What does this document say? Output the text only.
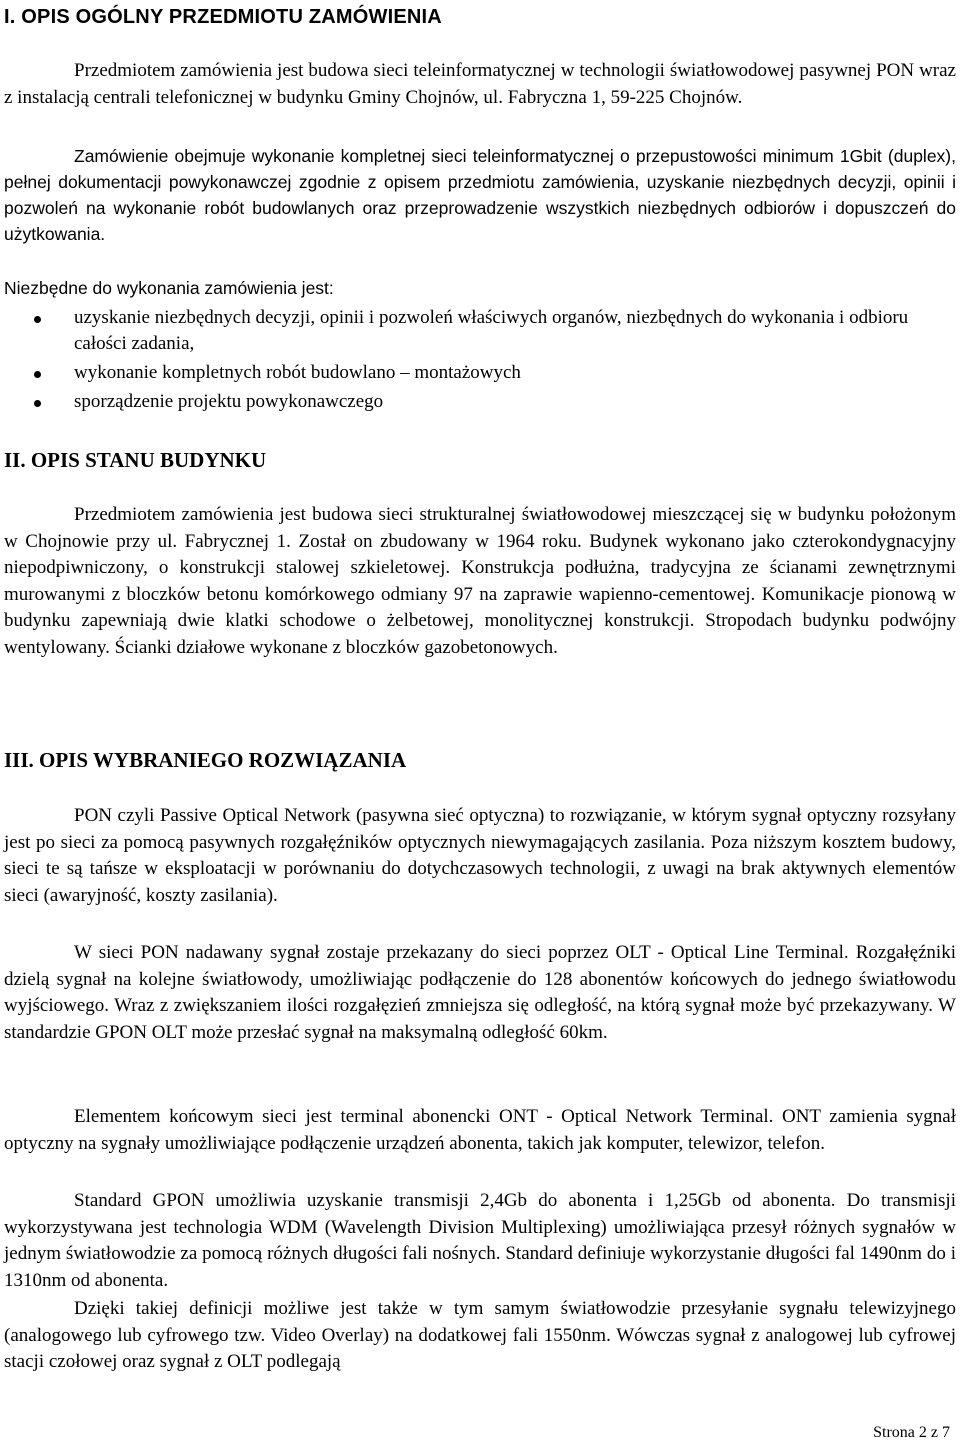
I. OPIS OGÓLNY PRZEDMIOTU ZAMÓWIENIA

Przedmiotem zamówienia jest budowa sieci teleinformatycznej w technologii światłowodowej pasywnej PON wraz z instalacją centrali telefonicznej w budynku Gminy Chojnów, ul. Fabryczna 1, 59-225 Chojnów.

Zamówienie obejmuje wykonanie kompletnej sieci teleinformatycznej o przepustowości minimum 1Gbit (duplex), pełnej dokumentacji powykonawczej zgodnie z opisem przedmiotu zamówienia, uzyskanie niezbędnych decyzji, opinii i pozwoleń na wykonanie robót budowlanych oraz przeprowadzenie wszystkich niezbędnych odbiorów i dopuszczeń do użytkowania.

Niezbędne do wykonania zamówienia jest:

uzyskanie niezbędnych decyzji, opinii i pozwoleń właściwych organów, niezbędnych do wykonania i odbioru całości zadania,
wykonanie kompletnych robót budowlano – montażowych
sporządzenie projektu powykonawczego
II. OPIS STANU BUDYNKU

Przedmiotem zamówienia jest budowa sieci strukturalnej światłowodowej mieszczącej się w budynku położonym w Chojnowie przy ul. Fabrycznej 1. Został on zbudowany w 1964 roku. Budynek wykonano jako czterokondygnacyjny niepodpiwniczony, o konstrukcji stalowej szkieletowej. Konstrukcja podłużna, tradycyjna ze ścianami zewnętrznymi murowanymi z bloczków betonu komórkowego odmiany 97 na zaprawie wapienno-cementowej. Komunikacje pionową w budynku zapewniają dwie klatki schodowe o żelbetowej, monolitycznej konstrukcji. Stropodach budynku podwójny wentylowany. Ścianki działowe wykonane z bloczków gazobetonowych.

III. OPIS WYBRANIEGO ROZWIĄZANIA

PON czyli Passive Optical Network (pasywna sieć optyczna) to rozwiązanie, w którym sygnał optyczny rozsyłany jest po sieci za pomocą pasywnych rozgałęźników optycznych niewymagających zasilania. Poza niższym kosztem budowy, sieci te są tańsze w eksploatacji w porównaniu do dotychczasowych technologii, z uwagi na brak aktywnych elementów sieci (awaryjność, koszty zasilania).

W sieci PON nadawany sygnał zostaje przekazany do sieci poprzez OLT - Optical Line Terminal. Rozgałęźniki dzielą sygnał na kolejne światłowody, umożliwiając podłączenie do 128 abonentów końcowych do jednego światłowodu wyjściowego. Wraz z zwiększaniem ilości rozgałęzień zmniejsza się odległość, na którą sygnał może być przekazywany. W standardzie GPON OLT może przesłać sygnał na maksymalną odległość 60km.

Elementem końcowym sieci jest terminal abonencki ONT - Optical Network Terminal. ONT zamienia sygnał optyczny na sygnały umożliwiające podłączenie urządzeń abonenta, takich jak komputer, telewizor, telefon.

Standard GPON umożliwia uzyskanie transmisji 2,4Gb do abonenta i 1,25Gb od abonenta. Do transmisji wykorzystywana jest technologia WDM (Wavelength Division Multiplexing) umożliwiająca przesył różnych sygnałów w jednym światłowodzie za pomocą różnych długości fali nośnych. Standard definiuje wykorzystanie długości fal 1490nm do i 1310nm od abonenta.

Dzięki takiej definicji możliwe jest także w tym samym światłowodzie przesyłanie sygnału telewizyjnego (analogowego lub cyfrowego tzw. Video Overlay) na dodatkowej fali 1550nm. Wówczas sygnał z analogowej lub cyfrowej stacji czołowej oraz sygnał z OLT podlegają

Strona 2 z 7
